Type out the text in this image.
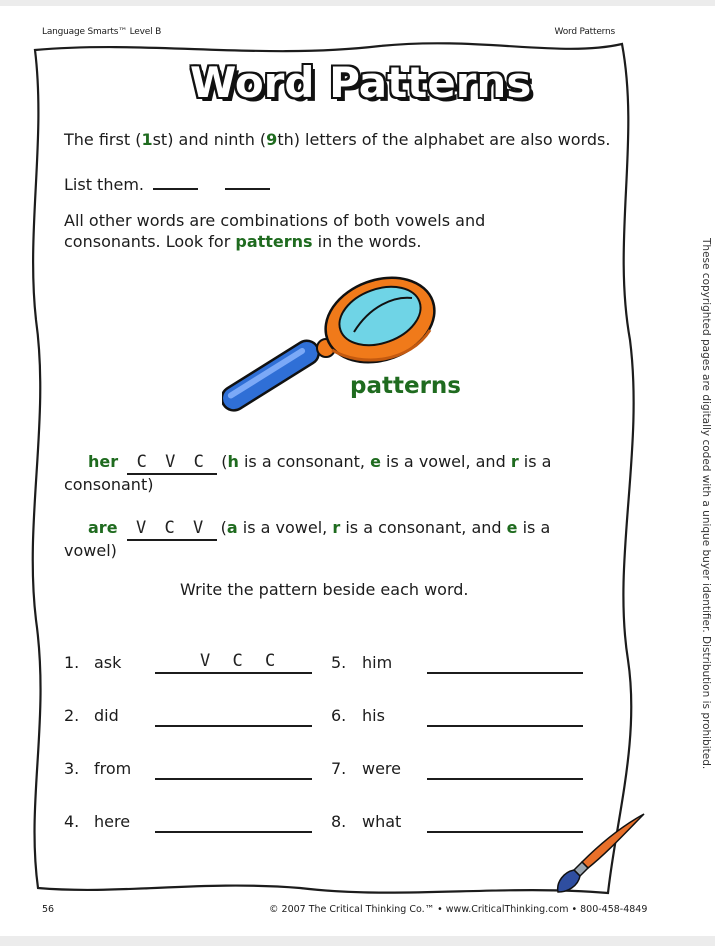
Language Smarts™ Level B	Word Patterns
Word Patterns
The first (1st) and ninth (9th) letters of the alphabet are also words.
List them.
All other words are combinations of both vowels and consonants. Look for patterns in the words.
patterns
her C V C (h is a consonant, e is a vowel, and r is a
consonant)
are V C V (a is a vowel, r is a consonant, and e is a
vowel)
Write the pattern beside each word.
1. ask	V C C
2. did
3. from
4. here
5. him
6. his
7. were
8. what
These copyrighted pages are digitally coded with a unique buyer identifier. Distribution is prohibited.
56	© 2007 The Critical Thinking Co.™ • www.CriticalThinking.com • 800-458-4849
